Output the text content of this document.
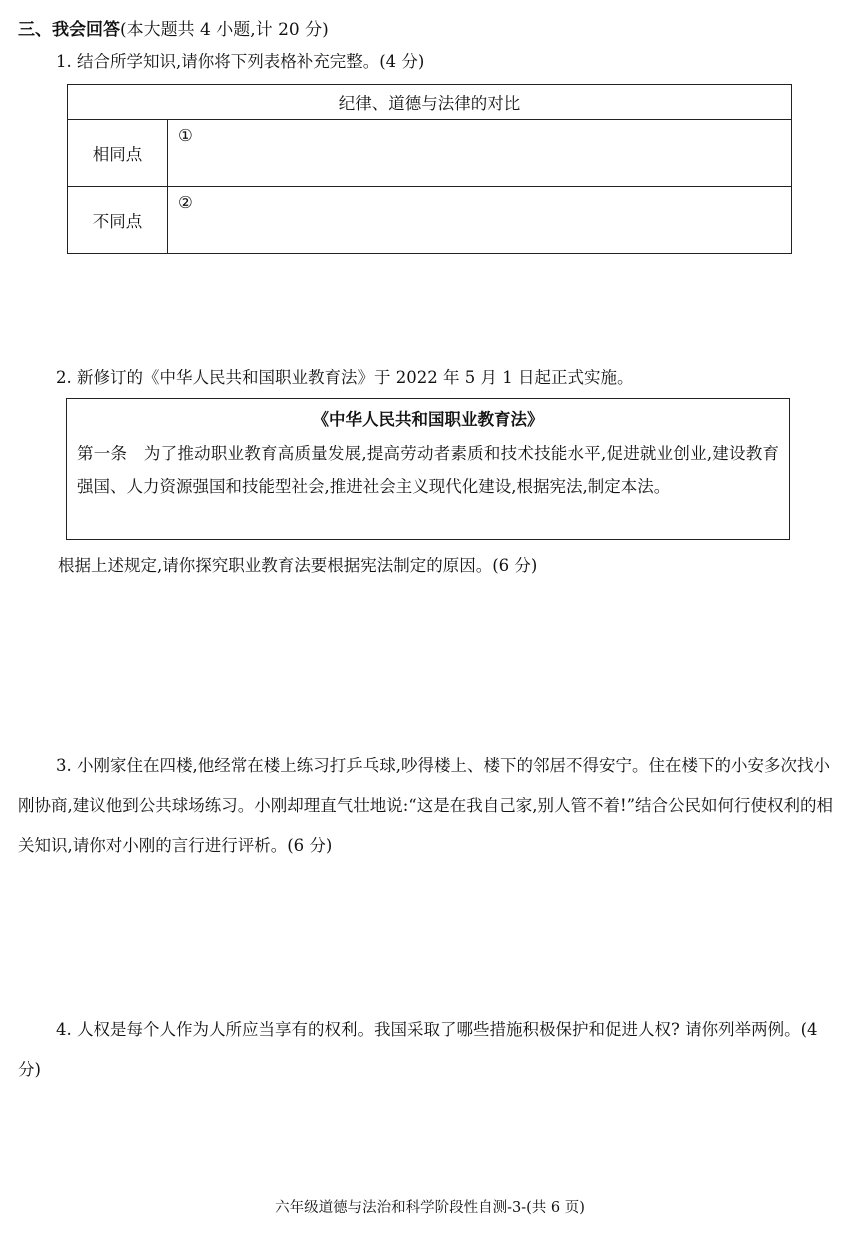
三、我会回答(本大题共 4 小题,计 20 分)
1. 结合所学知识,请你将下列表格补充完整。(4 分)
纪律、道德与法律的对比	
相同点	①
不同点	②
2. 新修订的《中华人民共和国职业教育法》于 2022 年 5 月 1 日起正式实施。
《中华人民共和国职业教育法》
第一条　为了推动职业教育高质量发展,提高劳动者素质和技术技能水平,促进就业创业,建设教育强国、人力资源强国和技能型社会,推进社会主义现代化建设,根据宪法,制定本法。
根据上述规定,请你探究职业教育法要根据宪法制定的原因。(6 分)
3. 小刚家住在四楼,他经常在楼上练习打乒乓球,吵得楼上、楼下的邻居不得安宁。住在楼下的小安多次找小刚协商,建议他到公共球场练习。小刚却理直气壮地说:“这是在我自己家,别人管不着!”结合公民如何行使权利的相关知识,请你对小刚的言行进行评析。(6 分)
4. 人权是每个人作为人所应当享有的权利。我国采取了哪些措施积极保护和促进人权? 请你列举两例。(4 分)
六年级道德与法治和科学阶段性自测-3-(共 6 页)
